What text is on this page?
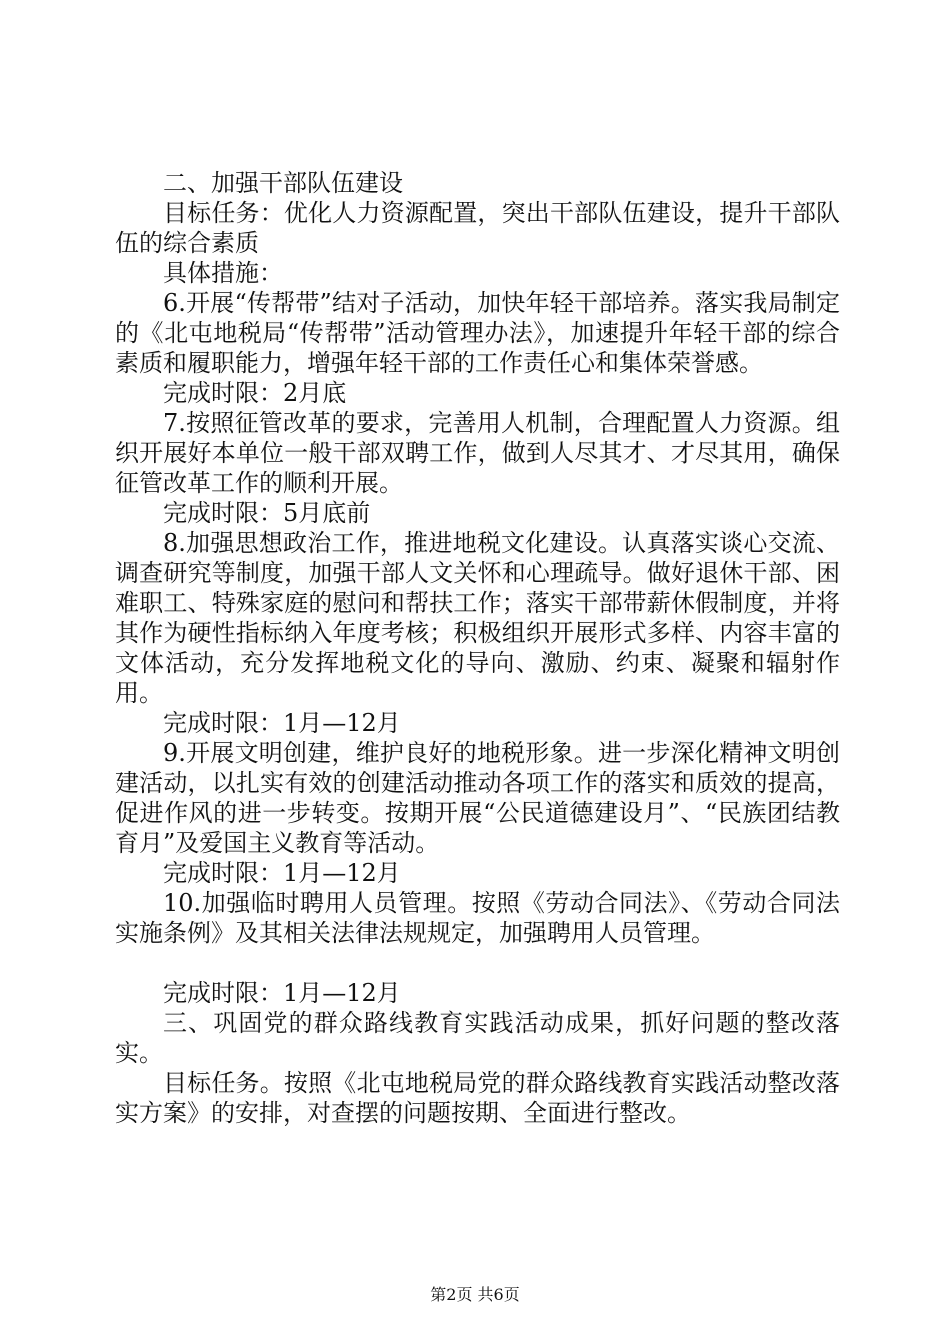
二、加强干部队伍建设

目标任务：优化人力资源配置，突出干部队伍建设，提升干部队伍的综合素质

具体措施：

6.开展“传帮带”结对子活动，加快年轻干部培养。落实我局制定的《北屯地税局“传帮带”活动管理办法》，加速提升年轻干部的综合素质和履职能力，增强年轻干部的工作责任心和集体荣誉感。

完成时限：2月底

7.按照征管改革的要求，完善用人机制，合理配置人力资源。组织开展好本单位一般干部双聘工作，做到人尽其才、才尽其用，确保征管改革工作的顺利开展。

完成时限：5月底前

8.加强思想政治工作，推进地税文化建设。认真落实谈心交流、调查研究等制度，加强干部人文关怀和心理疏导。做好退休干部、困难职工、特殊家庭的慰问和帮扶工作；落实干部带薪休假制度，并将其作为硬性指标纳入年度考核；积极组织开展形式多样、内容丰富的文体活动，充分发挥地税文化的导向、激励、约束、凝聚和辐射作用。

完成时限：1月—12月

9.开展文明创建，维护良好的地税形象。进一步深化精神文明创建活动，以扎实有效的创建活动推动各项工作的落实和质效的提高，促进作风的进一步转变。按期开展“公民道德建设月”、“民族团结教育月”及爱国主义教育等活动。

完成时限：1月—12月

10.加强临时聘用人员管理。按照《劳动合同法》、《劳动合同法实施条例》及其相关法律法规规定，加强聘用人员管理。

完成时限：1月—12月

三、巩固党的群众路线教育实践活动成果，抓好问题的整改落实。

目标任务。按照《北屯地税局党的群众路线教育实践活动整改落实方案》的安排，对查摆的问题按期、全面进行整改。

第2页 共6页
